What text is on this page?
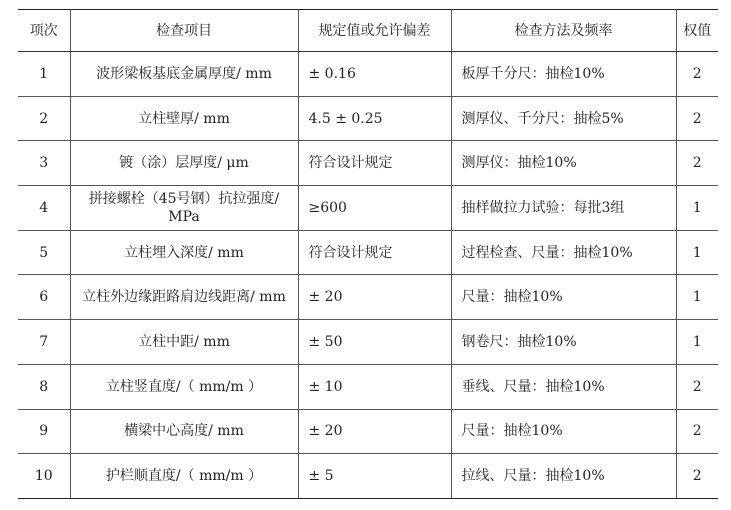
项次	检查项目	规定值或允许偏差	检查方法及频率	权值
1	波形梁板基底金属厚度/ mm	± 0.16	板厚千分尺：抽检10%	2
2	立柱壁厚/ mm	4.5 ± 0.25	测厚仪、千分尺：抽检5%	2
3	镀（涂）层厚度/ μm	符合设计规定	测厚仪：抽检10%	2
4	拼接螺栓（45号钢）抗拉强度/ MPa	≥600	抽样做拉力试验：每批3组	1
5	立柱埋入深度/ mm	符合设计规定	过程检查、尺量：抽检10%	1
6	立柱外边缘距路肩边线距离/ mm	± 20	尺量：抽检10%	1
7	立柱中距/ mm	± 50	钢卷尺：抽检10%	1
8	立柱竖直度/（ mm/m ）	± 10	垂线、尺量：抽检10%	2
9	横梁中心高度/ mm	± 20	尺量：抽检10%	2
10	护栏顺直度/（ mm/m ）	± 5	拉线、尺量：抽检10%	2
